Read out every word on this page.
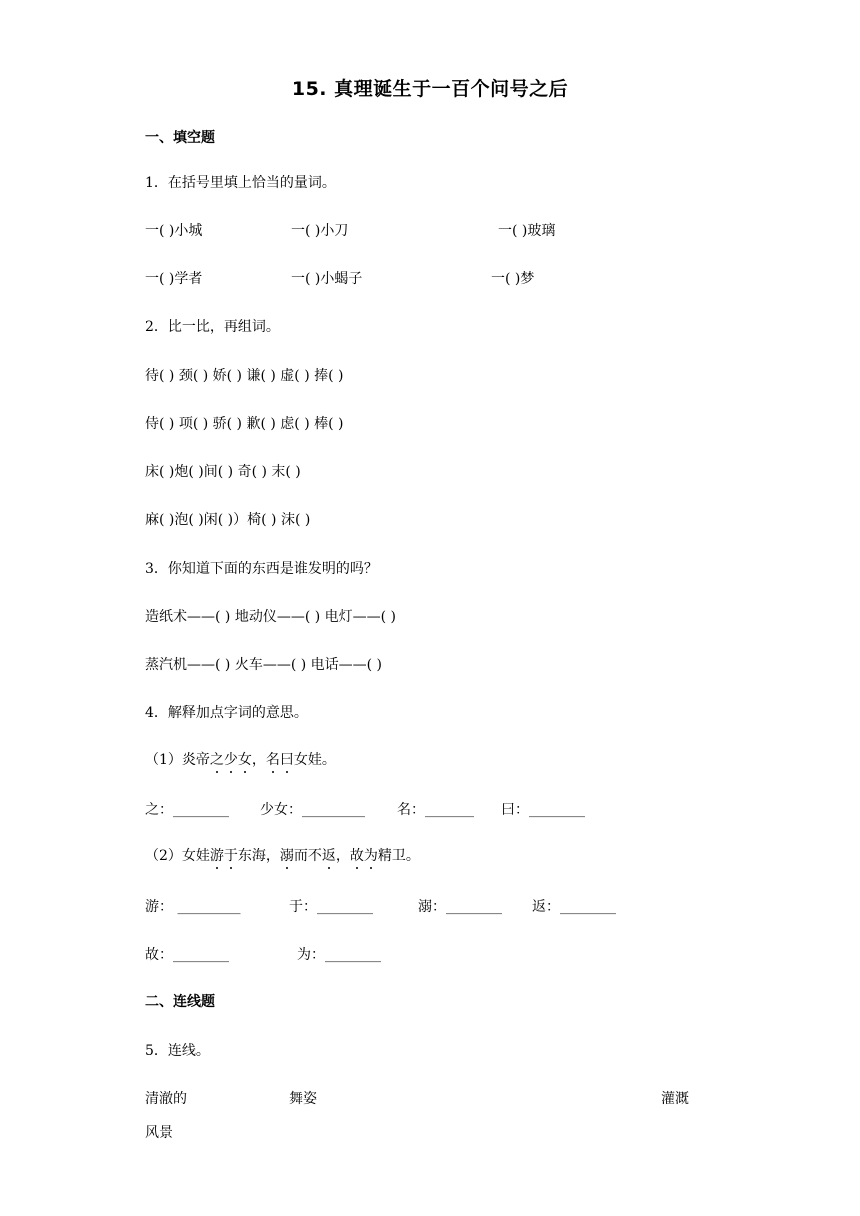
15. 真理诞生于一百个问号之后
一、填空题
1．在括号里填上恰当的量词。
一( )小城	一( )小刀	一( )玻璃
一( )学者	一( )小蝎子	一( )梦
2．比一比，再组词。
待( ) 颈( ) 娇( ) 谦( ) 虚( ) 捧( )
侍( ) 项( ) 骄( ) 歉( ) 虑( ) 棒( )
床( )炮( )间( ) 奇( ) 末( )
麻( )泡( )闲( )）椅( ) 沫( )
3．你知道下面的东西是谁发明的吗？
造纸术——( ) 地动仪——( ) 电灯——( )
蒸汽机——( ) 火车——( ) 电话——( )
4．解释加点字词的意思。
（1）炎帝之少女，名曰女娃。
之：________ 少女：_________ 名：_______ 曰：________
（2）女娃游于东海，溺而不返，故为精卫。
游： _________	于：________	溺：________ 返：________
故：________	为：________
二、连线题
5．连线。
清澈的	舞姿	灌溉
风景
